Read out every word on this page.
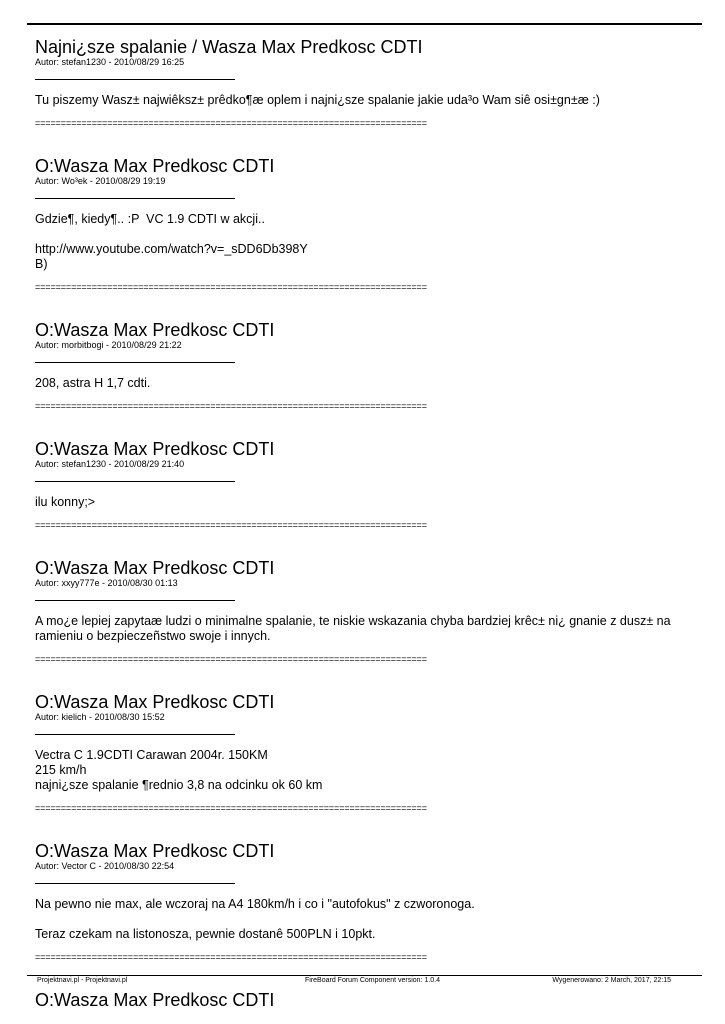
Najni¿sze spalanie / Wasza Max Predkosc CDTI
Autor: stefan1230 - 2010/08/29 16:25
Tu piszemy Wasz± najwiêksz± prêdko¶æ oplem i najni¿sze spalanie jakie uda³o Wam siê osi±gn±æ :)
============================================================================
O:Wasza Max Predkosc CDTI
Autor: Wo³ek - 2010/08/29 19:19
Gdzie¶, kiedy¶.. :P  VC 1.9 CDTI w akcji..

http://www.youtube.com/watch?v=_sDD6Db398Y
B)
============================================================================
O:Wasza Max Predkosc CDTI
Autor: morbitbogi - 2010/08/29 21:22
208, astra H 1,7 cdti.
============================================================================
O:Wasza Max Predkosc CDTI
Autor: stefan1230 - 2010/08/29 21:40
ilu konny;>
============================================================================
O:Wasza Max Predkosc CDTI
Autor: xxyy777e - 2010/08/30 01:13
A mo¿e lepiej zapytaæ ludzi o minimalne spalanie, te niskie wskazania chyba bardziej krêc± ni¿ gnanie z dusz± na
ramieniu o bezpieczeñstwo swoje i innych.
============================================================================
O:Wasza Max Predkosc CDTI
Autor: kielich - 2010/08/30 15:52
Vectra C 1.9CDTI Carawan 2004r. 150KM
215 km/h
najni¿sze spalanie ¶rednio 3,8 na odcinku ok 60 km
============================================================================
O:Wasza Max Predkosc CDTI
Autor: Vector C - 2010/08/30 22:54
Na pewno nie max, ale wczoraj na A4 180km/h i co i "autofokus" z czworonoga.

Teraz czekam na listonosza, pewnie dostanê 500PLN i 10pkt.
============================================================================
O:Wasza Max Predkosc CDTI
Projektnavi.pl - Projektnavi.pl	FireBoard Forum Component version: 1.0.4	Wygenerowano: 2 March, 2017, 22:15
